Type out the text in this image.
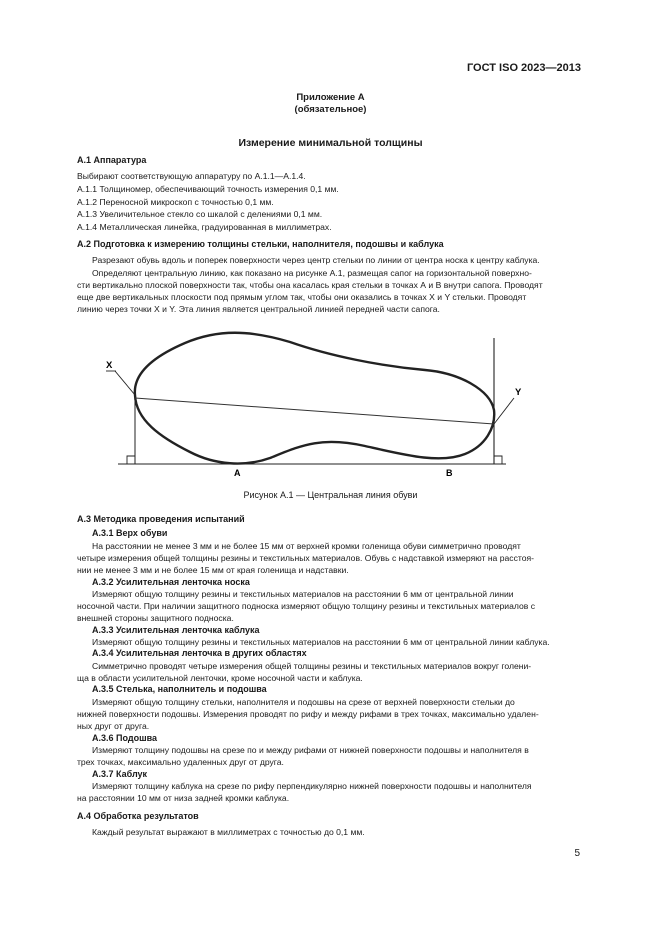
ГОСТ ISO 2023—2013
Приложение А
(обязательное)
Измерение минимальной толщины
А.1 Аппаратура
Выбирают соответствующую аппаратуру по А.1.1—А.1.4.
А.1.1 Толщиномер, обеспечивающий точность измерения 0,1 мм.
А.1.2 Переносной микроскоп с точностью 0,1 мм.
А.1.3 Увеличительное стекло со шкалой с делениями 0,1 мм.
А.1.4 Металлическая линейка, градуированная в миллиметрах.
А.2 Подготовка к измерению толщины стельки, наполнителя, подошвы и каблука
Разрезают обувь вдоль и поперек поверхности через центр стельки по линии от центра носка к центру каблука.
Определяют центральную линию, как показано на рисунке А.1, размещая сапог на горизонтальной поверхно-
сти вертикально плоской поверхности так, чтобы она касалась края стельки в точках А и В внутри сапога. Проводят
еще две вертикальных плоскости под прямым углом так, чтобы они оказались в точках X и Y стельки. Проводят
линию через точки X и Y. Эта линия является центральной линией передней части сапога.
X
Y
A	B
Рисунок А.1 — Центральная линия обуви
А.3 Методика проведения испытаний
А.3.1 Верх обуви
На расстоянии не менее 3 мм и не более 15 мм от верхней кромки голенища обуви симметрично проводят
четыре измерения общей толщины резины и текстильных материалов. Обувь с надставкой измеряют на расстоя-
нии не менее 3 мм и не более 15 мм от края голенища и надставки.
А.3.2 Усилительная ленточка носка
Измеряют общую толщину резины и текстильных материалов на расстоянии 6 мм от центральной линии
носочной части. При наличии защитного подноска измеряют общую толщину резины и текстильных материалов с
внешней стороны защитного подноска.
А.3.3 Усилительная ленточка каблука
Измеряют общую толщину резины и текстильных материалов на расстоянии 6 мм от центральной линии каблука.
А.3.4 Усилительная ленточка в других областях
Симметрично проводят четыре измерения общей толщины резины и текстильных материалов вокруг голени-
ща в области усилительной ленточки, кроме носочной части и каблука.
А.3.5 Стелька, наполнитель и подошва
Измеряют общую толщину стельки, наполнителя и подошвы на срезе от верхней поверхности стельки до
нижней поверхности подошвы. Измерения проводят по рифу и между рифами в трех точках, максимально удален-
ных друг от друга.
А.3.6 Подошва
Измеряют толщину подошвы на срезе по и между рифами от нижней поверхности подошвы и наполнителя в
трех точках, максимально удаленных друг от друга.
А.3.7 Каблук
Измеряют толщину каблука на срезе по рифу перпендикулярно нижней поверхности подошвы и наполнителя
на расстоянии 10 мм от низа задней кромки каблука.
А.4 Обработка результатов
Каждый результат выражают в миллиметрах с точностью до 0,1 мм.
5
